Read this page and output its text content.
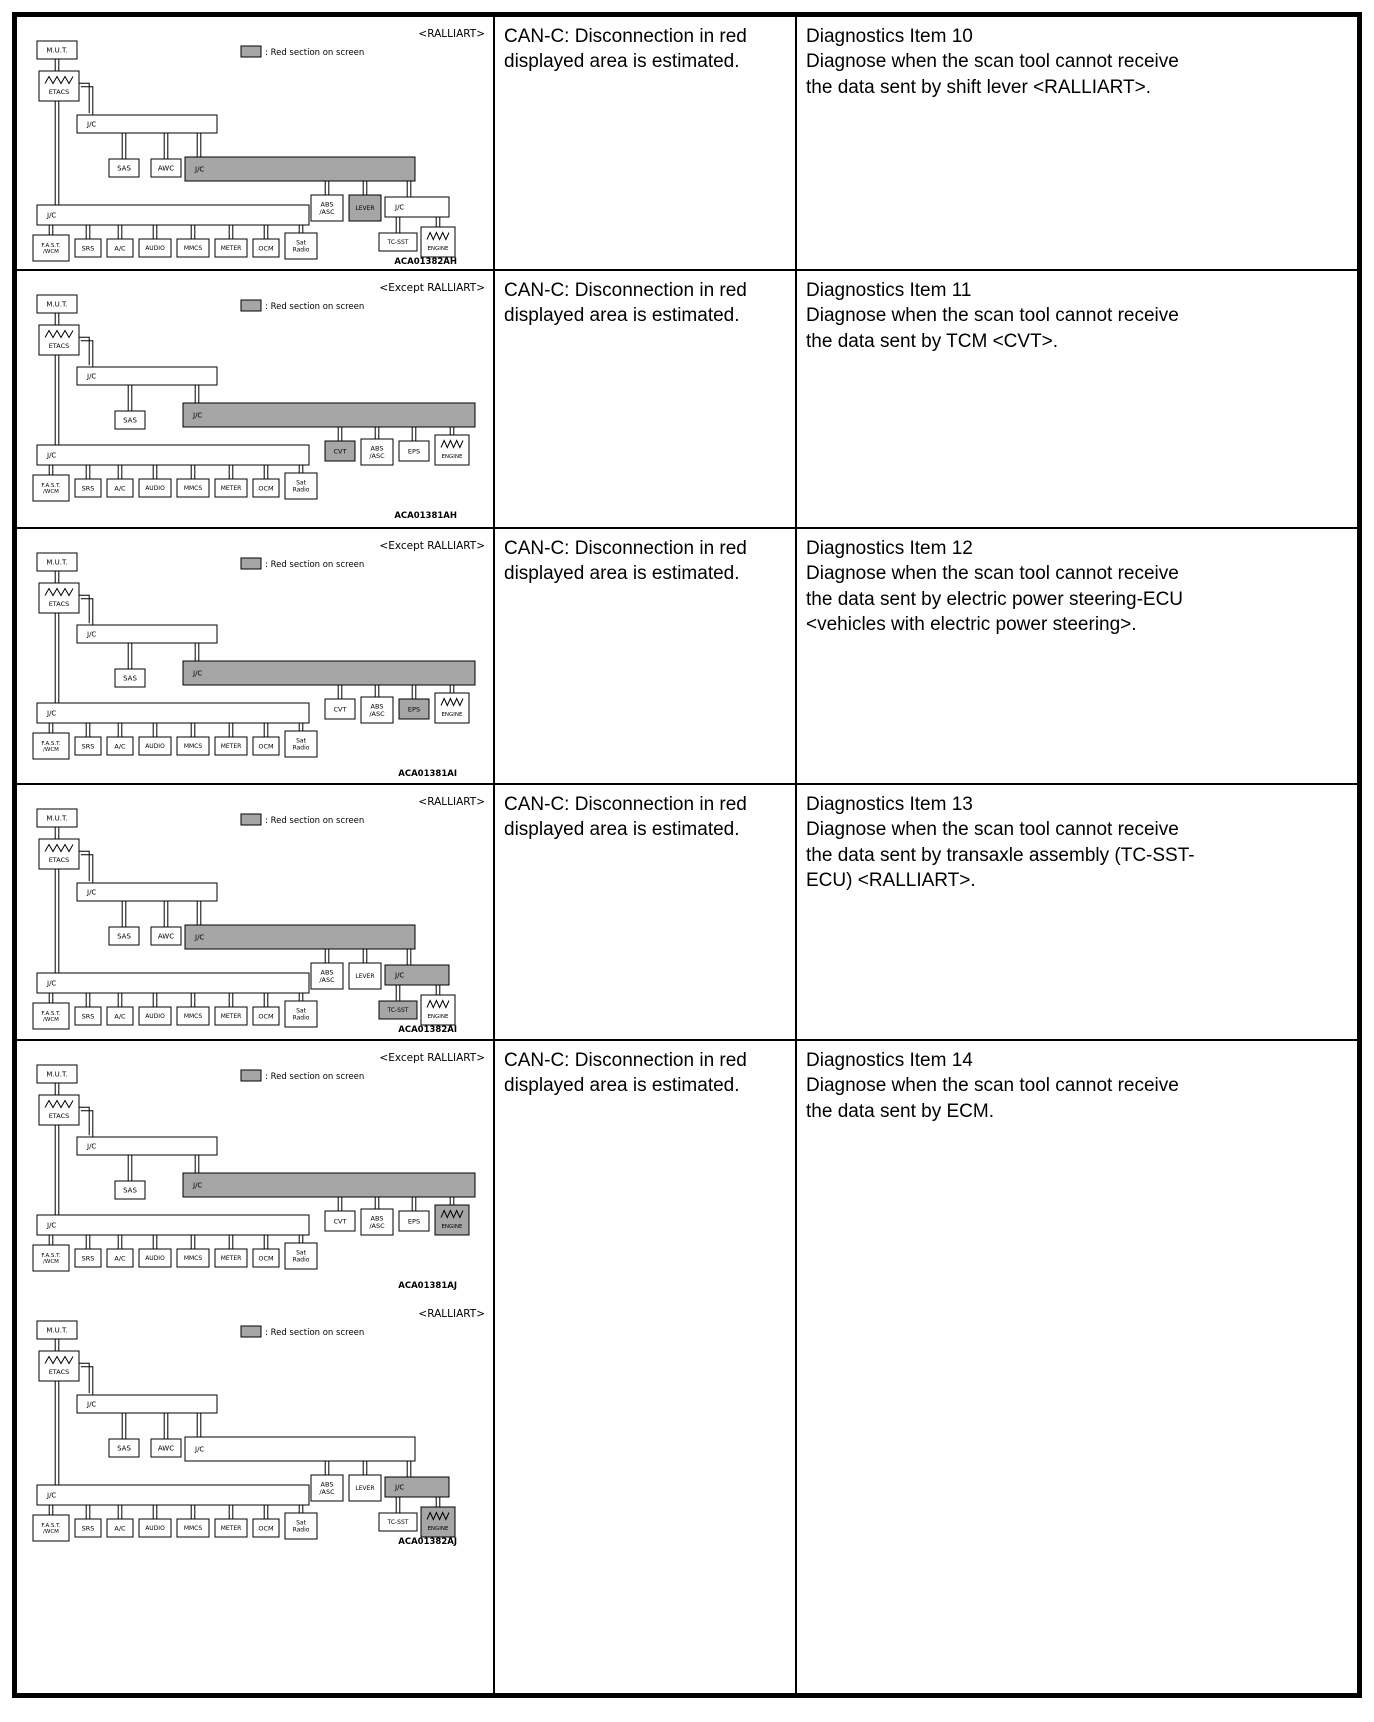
M.U.T.
ETACS
J/C
SAS	AWC	J/C
ABS /ASC	LEVER	J/C
TC-SST
ENGINE
J/C
F.A.S.T. /WCM	SRS	A/C	AUDIO	MMCS	METER	OCM
Sat Radio
<RALLIART>
: Red section on screen
ACA01382AH
CAN-C: Disconnection in red displayed area is estimated.
Diagnostics Item 10
Diagnose when the scan tool cannot receive the data sent by shift lever <RALLIART>.
M.U.T.
ETACS
J/C
SAS
J/C
CVT	ABS /ASC
EPS
ENGINE
J/C
F.A.S.T. /WCM	SRS	A/C	AUDIO	MMCS	METER	OCM
Sat Radio
<Except RALLIART>
: Red section on screen
ACA01381AH
CAN-C: Disconnection in red displayed area is estimated.
Diagnostics Item 11
Diagnose when the scan tool cannot receive the data sent by TCM <CVT>.
M.U.T.
ETACS
J/C
SAS
J/C
CVT	ABS /ASC
EPS
ENGINE
J/C
F.A.S.T. /WCM	SRS	A/C	AUDIO	MMCS	METER	OCM
Sat Radio
<Except RALLIART>
: Red section on screen
ACA01381AI
CAN-C: Disconnection in red displayed area is estimated.
Diagnostics Item 12
Diagnose when the scan tool cannot receive the data sent by electric power steering-ECU <vehicles with electric power steering>.
M.U.T.
ETACS
J/C
SAS	AWC	J/C
ABS /ASC	LEVER	J/C
TC-SST
ENGINE
J/C
F.A.S.T. /WCM	SRS	A/C	AUDIO	MMCS	METER	OCM
Sat Radio
<RALLIART>
: Red section on screen
ACA01382AI
CAN-C: Disconnection in red displayed area is estimated.
Diagnostics Item 13
Diagnose when the scan tool cannot receive the data sent by transaxle assembly (TC-SST-ECU) <RALLIART>.
M.U.T.
ETACS
J/C
SAS
J/C
CVT	ABS /ASC
EPS
ENGINE
J/C
F.A.S.T. /WCM	SRS	A/C	AUDIO	MMCS	METER	OCM
Sat Radio
<Except RALLIART>
: Red section on screen
ACA01381AJ
M.U.T.
ETACS
J/C
SAS	AWC	J/C
ABS /ASC	LEVER	J/C
TC-SST
ENGINE
J/C
F.A.S.T. /WCM	SRS	A/C	AUDIO	MMCS	METER	OCM
Sat Radio
<RALLIART>
: Red section on screen
ACA01382AJ
CAN-C: Disconnection in red displayed area is estimated.
Diagnostics Item 14
Diagnose when the scan tool cannot receive the data sent by ECM.
